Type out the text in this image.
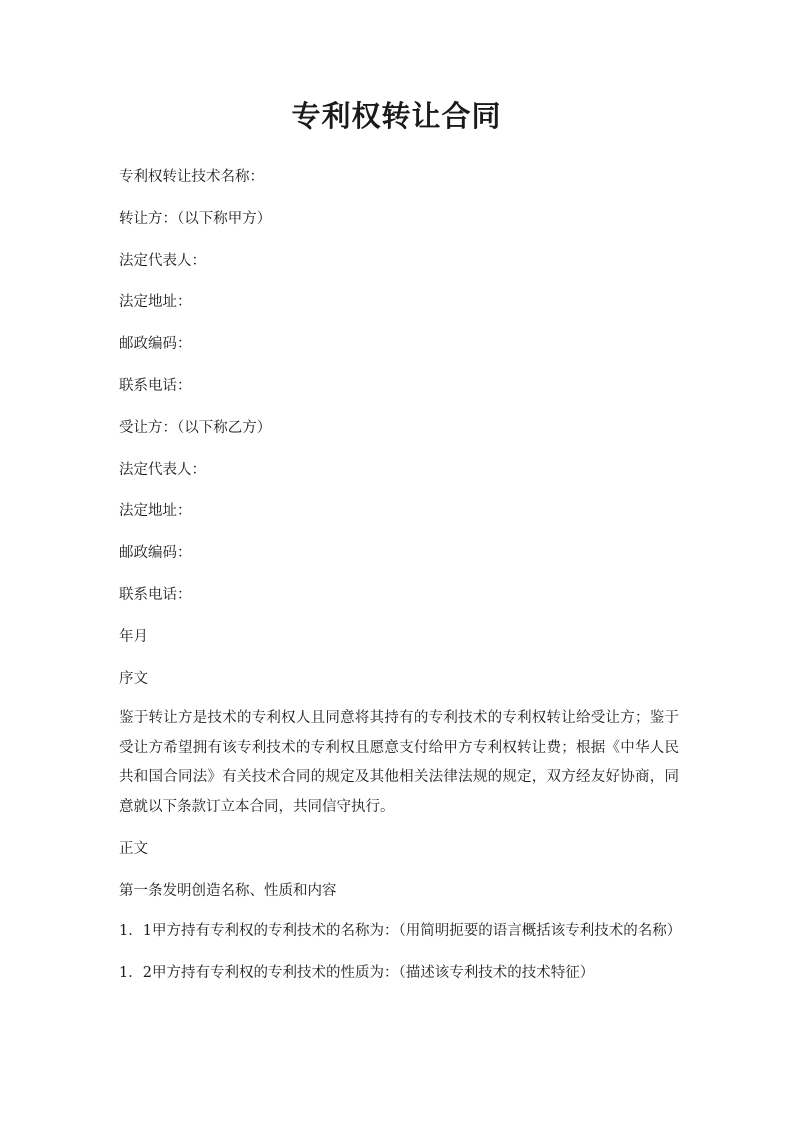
专利权转让合同
专利权转让技术名称：
转让方：（以下称甲方）
法定代表人：
法定地址：
邮政编码：
联系电话：
受让方：（以下称乙方）
法定代表人：
法定地址：
邮政编码：
联系电话：
年月
序文

鉴于转让方是技术的专利权人且同意将其持有的专利技术的专利权转让给受让方；鉴于受让方希望拥有该专利技术的专利权且愿意支付给甲方专利权转让费；根据《中华人民共和国合同法》有关技术合同的规定及其他相关法律法规的规定，双方经友好协商，同意就以下条款订立本合同，共同信守执行。

正文
第一条发明创造名称、性质和内容

1．1甲方持有专利权的专利技术的名称为：（用简明扼要的语言概括该专利技术的名称）

1．2甲方持有专利权的专利技术的性质为：（描述该专利技术的技术特征）
